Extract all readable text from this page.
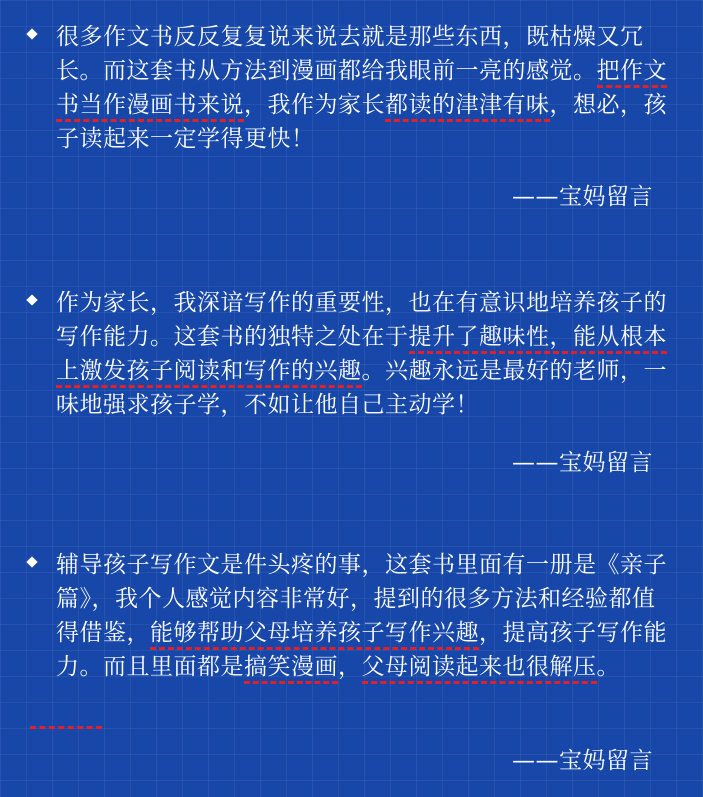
很多作文书反反复复说来说去就是那些东西，既枯燥又冗长。而这套书从方法到漫画都给我眼前一亮的感觉。把作文书当作漫画书来说，我作为家长都读的津津有味，想必，孩子读起来一定学得更快！

——宝妈留言

作为家长，我深谙写作的重要性，也在有意识地培养孩子的写作能力。这套书的独特之处在于提升了趣味性，能从根本上激发孩子阅读和写作的兴趣。兴趣永远是最好的老师，一味地强求孩子学，不如让他自己主动学！

——宝妈留言

辅导孩子写作文是件头疼的事，这套书里面有一册是《亲子篇》，我个人感觉内容非常好，提到的很多方法和经验都值得借鉴，能够帮助父母培养孩子写作兴趣，提高孩子写作能力。而且里面都是搞笑漫画，父母阅读起来也很解压。

——宝妈留言
